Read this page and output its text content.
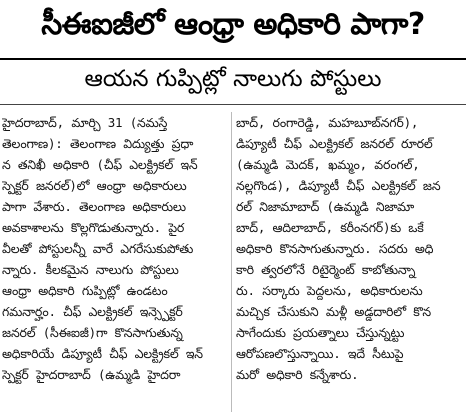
సీఈఐజీలో ఆంధ్రా అధికారి పాగా?
ఆయన గుప్పిట్లో నాలుగు పోస్టులు
హైదరాబాద్, మార్చి 31 (నమస్తే
తెలంగాణ): తెలంగాణ విద్యుత్తు ప్రధా
న తనిఖీ అధికారి (చీఫ్ ఎలక్ట్రికల్ ఇన్
స్పెక్టర్ జనరల్)లో ఆంధ్రా అధికారులు
పాగా వేశారు. తెలంగాణ అధికారులు
అవకాశాలను కొల్లగొడుతున్నారు. పైర
వీలతో పోస్టులన్నీ వారే ఎగరేసుకుపోతు
న్నారు. కీలకమైన నాలుగు పోస్టులు
ఆంధ్రా అధికారి గుప్పిట్లో ఉండటం
గమనార్హం. చీఫ్ ఎలక్ట్రికల్ ఇన్స్పెక్టర్
జనరల్ (సీఈఐజీ)గా కొనసాగుతున్న
అధికారియే డిప్యూటీ చీఫ్ ఎలక్ట్రికల్ ఇన్
స్పెక్టర్ హైదరాబాద్ (ఉమ్మడి హైదరా
బాద్, రంగారెడ్డి, మహబూబ్‌నగర్),
డిప్యూటీ చీఫ్ ఎలక్ట్రికల్ జనరల్ రూరల్
(ఉమ్మడి మెదక్, ఖమ్మం, వరంగల్,
నల్లగొండ), డిప్యూటీ చీఫ్ ఎలక్ట్రికల్ జన
రల్ నిజామాబాద్ (ఉమ్మడి నిజామా
బాద్, ఆదిలాబాద్, కరీంనగర్)కు ఒకే
అధికారి కొనసాగుతున్నారు. సదరు అధి
కారి త్వరలోనే రిటైర్మెంట్ కాబోతున్నా
రు. సర్కారు పెద్దలను, అధికారులను
మచ్చిక చేసుకుని మళ్లీ అడ్డదారిలో కొన
సాగేందుకు ప్రయత్నాలు చేస్తున్నట్టు
ఆరోపణలొస్తున్నాయి. ఇదే సీటుపై
మరో అధికారి కన్నేశారు.
